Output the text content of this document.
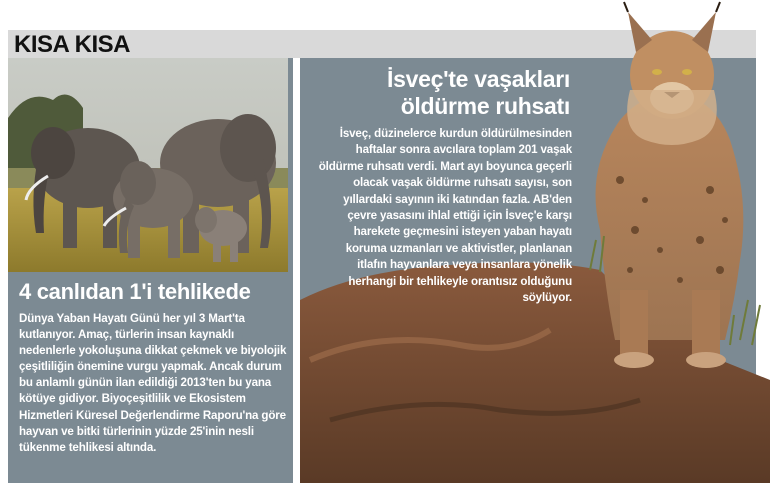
KISA KISA
4 canlıdan 1'i tehlikede

Dünya Yaban Hayatı Günü her yıl 3 Mart'ta kutlanıyor. Amaç, türlerin insan kaynaklı nedenlerle yokoluşuna dikkat çekmek ve biyolojik çeşitliliğin önemine vurgu yapmak. Ancak durum bu anlamlı günün ilan edildiği 2013'ten bu yana kötüye gidiyor. Biyoçeşitlilik ve Ekosistem Hizmetleri Küresel Değerlendirme Raporu'na göre hayvan ve bitki türlerinin yüzde 25'inin nesli tükenme tehlikesi altında.

İsveç'te vaşakları öldürme ruhsatı

İsveç, düzinelerce kurdun öldürülmesinden haftalar sonra avcılara toplam 201 vaşak öldürme ruhsatı verdi. Mart ayı boyunca geçerli olacak vaşak öldürme ruhsatı sayısı, son yıllardaki sayının iki katından fazla. AB'den çevre yasasını ihlal ettiği için İsveç'e karşı harekete geçmesini isteyen yaban hayatı koruma uzmanları ve aktivistler, planlanan itlafın hayvanlara veya insanlara yönelik herhangi bir tehlikeyle orantısız olduğunu söylüyor.
